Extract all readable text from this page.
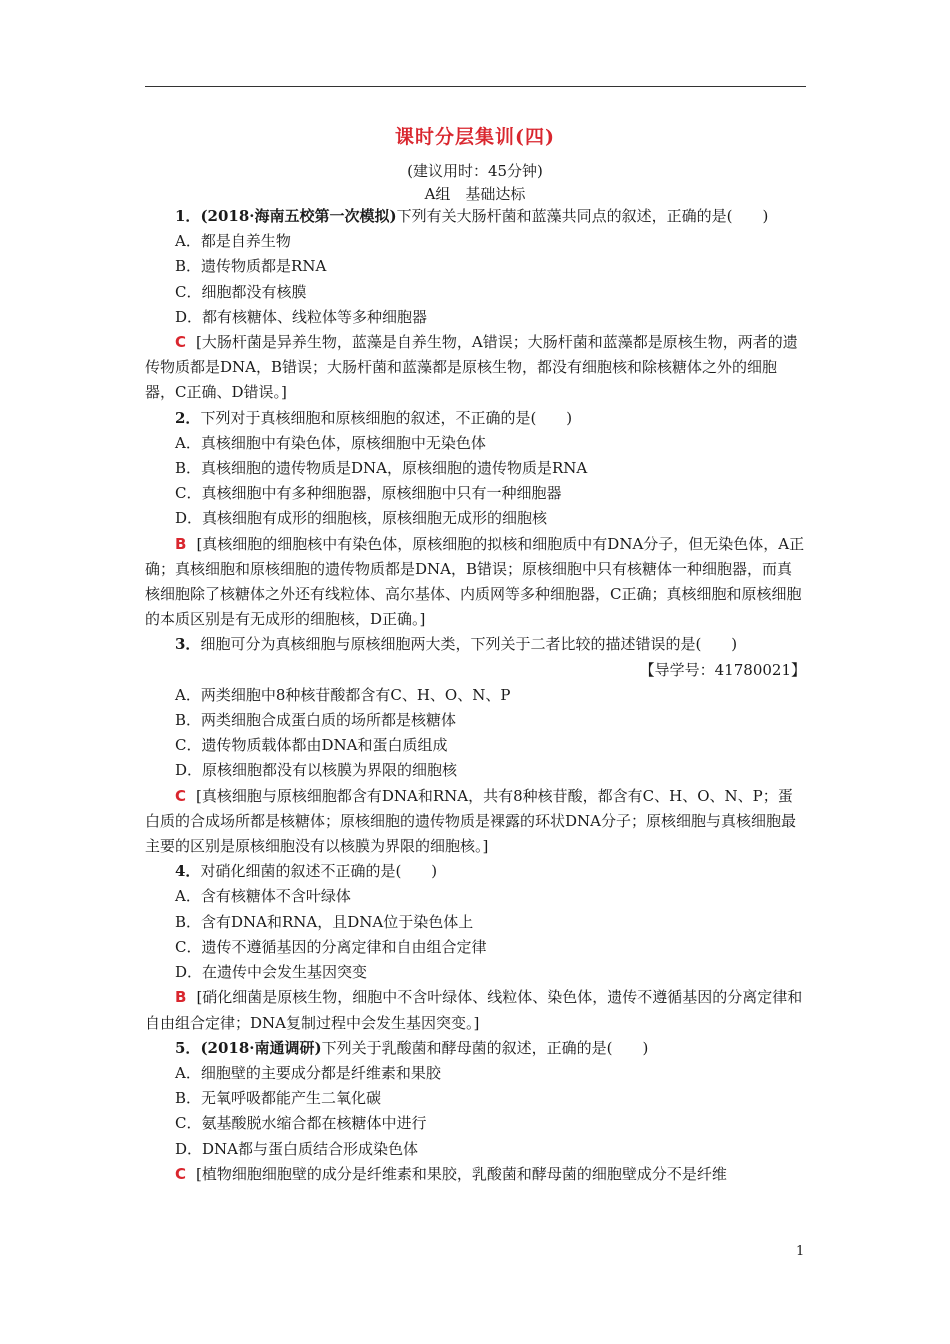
课时分层集训(四)
(建议用时：45分钟)
A组　基础达标

1．(2018·海南五校第一次模拟)下列有关大肠杆菌和蓝藻共同点的叙述，正确的是(　　)

A．都是自养生物

B．遗传物质都是RNA

C．细胞都没有核膜

D．都有核糖体、线粒体等多种细胞器

C [大肠杆菌是异养生物，蓝藻是自养生物，A错误；大肠杆菌和蓝藻都是原核生物，两者的遗传物质都是DNA，B错误；大肠杆菌和蓝藻都是原核生物，都没有细胞核和除核糖体之外的细胞器，C正确、D错误。]

2．下列对于真核细胞和原核细胞的叙述，不正确的是(　　)

A．真核细胞中有染色体，原核细胞中无染色体

B．真核细胞的遗传物质是DNA，原核细胞的遗传物质是RNA

C．真核细胞中有多种细胞器，原核细胞中只有一种细胞器

D．真核细胞有成形的细胞核，原核细胞无成形的细胞核

B [真核细胞的细胞核中有染色体，原核细胞的拟核和细胞质中有DNA分子，但无染色体，A正确；真核细胞和原核细胞的遗传物质都是DNA，B错误；原核细胞中只有核糖体一种细胞器，而真核细胞除了核糖体之外还有线粒体、高尔基体、内质网等多种细胞器，C正确；真核细胞和原核细胞的本质区别是有无成形的细胞核，D正确。]

3．细胞可分为真核细胞与原核细胞两大类，下列关于二者比较的描述错误的是(　　)

【导学号：41780021】

A．两类细胞中8种核苷酸都含有C、H、O、N、P

B．两类细胞合成蛋白质的场所都是核糖体

C．遗传物质载体都由DNA和蛋白质组成

D．原核细胞都没有以核膜为界限的细胞核

C [真核细胞与原核细胞都含有DNA和RNA，共有8种核苷酸，都含有C、H、O、N、P；蛋白质的合成场所都是核糖体；原核细胞的遗传物质是裸露的环状DNA分子；原核细胞与真核细胞最主要的区别是原核细胞没有以核膜为界限的细胞核。]

4．对硝化细菌的叙述不正确的是(　　)

A．含有核糖体不含叶绿体

B．含有DNA和RNA，且DNA位于染色体上

C．遗传不遵循基因的分离定律和自由组合定律

D．在遗传中会发生基因突变

B [硝化细菌是原核生物，细胞中不含叶绿体、线粒体、染色体，遗传不遵循基因的分离定律和自由组合定律；DNA复制过程中会发生基因突变。]

5．(2018·南通调研)下列关于乳酸菌和酵母菌的叙述，正确的是(　　)

A．细胞壁的主要成分都是纤维素和果胶

B．无氧呼吸都能产生二氧化碳

C．氨基酸脱水缩合都在核糖体中进行

D．DNA都与蛋白质结合形成染色体

C [植物细胞细胞壁的成分是纤维素和果胶，乳酸菌和酵母菌的细胞壁成分不是纤维

1
